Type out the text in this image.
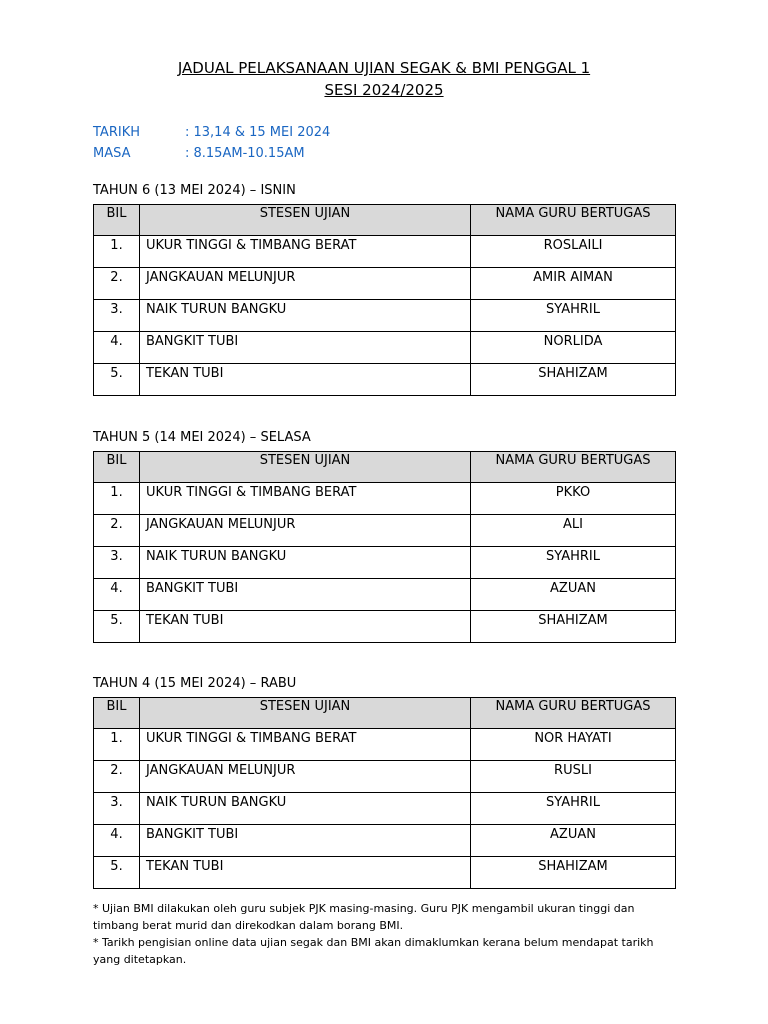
JADUAL PELAKSANAAN UJIAN SEGAK & BMI PENGGAL 1
SESI 2024/2025
TARIKH	: 13,14 & 15 MEI 2024
MASA	: 8.15AM-10.15AM
TAHUN 6 (13 MEI 2024) – ISNIN
BIL	STESEN UJIAN	NAMA GURU BERTUGAS
1.	UKUR TINGGI & TIMBANG BERAT	ROSLAILI
2.	JANGKAUAN MELUNJUR	AMIR AIMAN
3.	NAIK TURUN BANGKU	SYAHRIL
4.	BANGKIT TUBI	NORLIDA
5.	TEKAN TUBI	SHAHIZAM
TAHUN 5 (14 MEI 2024) – SELASA
BIL	STESEN UJIAN	NAMA GURU BERTUGAS
1.	UKUR TINGGI & TIMBANG BERAT	PKKO
2.	JANGKAUAN MELUNJUR	ALI
3.	NAIK TURUN BANGKU	SYAHRIL
4.	BANGKIT TUBI	AZUAN
5.	TEKAN TUBI	SHAHIZAM
TAHUN 4 (15 MEI 2024) – RABU
BIL	STESEN UJIAN	NAMA GURU BERTUGAS
1.	UKUR TINGGI & TIMBANG BERAT	NOR HAYATI
2.	JANGKAUAN MELUNJUR	RUSLI
3.	NAIK TURUN BANGKU	SYAHRIL
4.	BANGKIT TUBI	AZUAN
5.	TEKAN TUBI	SHAHIZAM

* Ujian BMI dilakukan oleh guru subjek PJK masing-masing. Guru PJK mengambil ukuran tinggi dan timbang berat murid dan direkodkan dalam borang BMI.

* Tarikh pengisian online data ujian segak dan BMI akan dimaklumkan kerana belum mendapat tarikh yang ditetapkan.
